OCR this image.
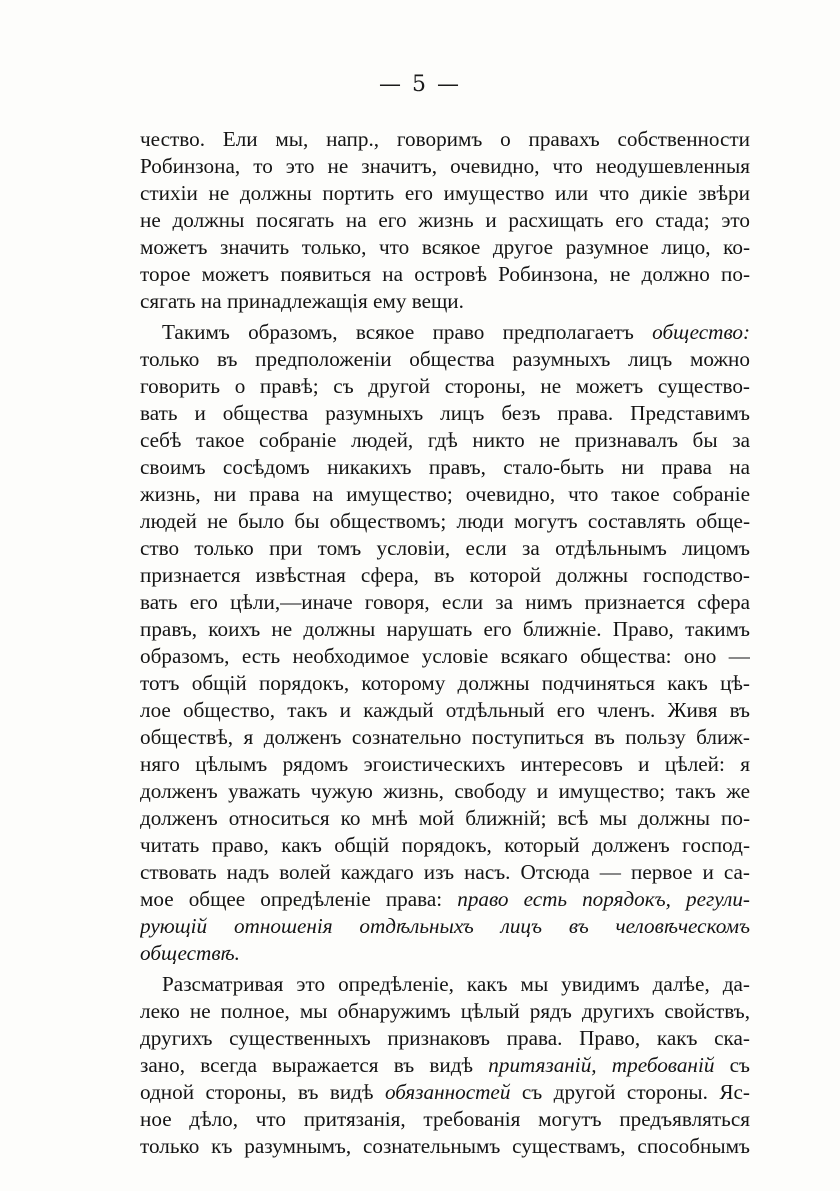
— 5 —
чество. Ели мы, напр., говоримъ о правахъ собственности
Робинзона, то это не значитъ, очевидно, что неодушевленныя
стихіи не должны портить его имущество или что дикіе звѣри
не должны посягать на его жизнь и расхищать его стада; это
можетъ значить только, что всякое другое разумное лицо, ко-
торое можетъ появиться на островѣ Робинзона, не должно по-
сягать на принадлежащія ему вещи.
Такимъ образомъ, всякое право предполагаетъ общество:
только въ предположеніи общества разумныхъ лицъ можно
говорить о правѣ; съ другой стороны, не можетъ существо-
вать и общества разумныхъ лицъ безъ права. Представимъ
себѣ такое собраніе людей, гдѣ никто не признавалъ бы за
своимъ сосѣдомъ никакихъ правъ, стало-быть ни права на
жизнь, ни права на имущество; очевидно, что такое собраніе
людей не было бы обществомъ; люди могутъ составлять обще-
ство только при томъ условіи, если за отдѣльнымъ лицомъ
признается извѣстная сфера, въ которой должны господство-
вать его цѣли,—иначе говоря, если за нимъ признается сфера
правъ, коихъ не должны нарушать его ближніе. Право, такимъ
образомъ, есть необходимое условіе всякаго общества: оно —
тотъ общій порядокъ, которому должны подчиняться какъ цѣ-
лое общество, такъ и каждый отдѣльный его членъ. Живя въ
обществѣ, я долженъ сознательно поступиться въ пользу ближ-
няго цѣлымъ рядомъ эгоистическихъ интересовъ и цѣлей: я
долженъ уважать чужую жизнь, свободу и имущество; такъ же
долженъ относиться ко мнѣ мой ближній; всѣ мы должны по-
читать право, какъ общій порядокъ, который долженъ господ-
ствовать надъ волей каждаго изъ насъ. Отсюда — первое и са-
мое общее опредѣленіе права: право есть порядокъ, регули-
рующій отношенія отдѣльныхъ лицъ въ человѣческомъ
обществѣ.
Разсматривая это опредѣленіе, какъ мы увидимъ далѣе, да-
леко не полное, мы обнаружимъ цѣлый рядъ другихъ свойствъ,
другихъ существенныхъ признаковъ права. Право, какъ ска-
зано, всегда выражается въ видѣ притязаній, требованій съ
одной стороны, въ видѣ обязанностей съ другой стороны. Яс-
ное дѣло, что притязанія, требованія могутъ предъявляться
только къ разумнымъ, сознательнымъ существамъ, способнымъ
